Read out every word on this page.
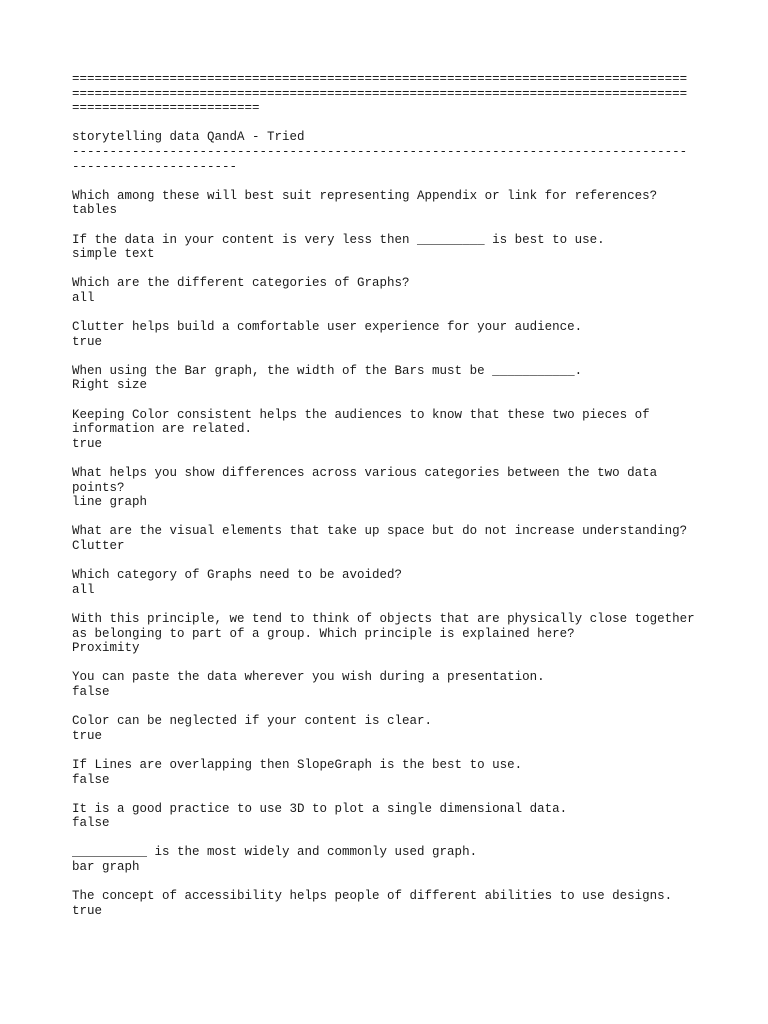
==================================================================================
==================================================================================
=========================
storytelling data QandA - Tried
----------------------------------------------------------------------------------
----------------------
Which among these will best suit representing Appendix or link for references?
tables
If the data in your content is very less then _________ is best to use.
simple text
Which are the different categories of Graphs?
all
Clutter helps build a comfortable user experience for your audience.
true
When using the Bar graph, the width of the Bars must be ___________.
Right size
Keeping Color consistent helps the audiences to know that these two pieces of
information are related.
true
What helps you show differences across various categories between the two data
points?
line graph
What are the visual elements that take up space but do not increase understanding?
Clutter
Which category of Graphs need to be avoided?
all
With this principle, we tend to think of objects that are physically close together
as belonging to part of a group. Which principle is explained here?
Proximity
You can paste the data wherever you wish during a presentation.
false
Color can be neglected if your content is clear.
true
If Lines are overlapping then SlopeGraph is the best to use.
false
It is a good practice to use 3D to plot a single dimensional data.
false
__________ is the most widely and commonly used graph.
bar graph
The concept of accessibility helps people of different abilities to use designs.
true
